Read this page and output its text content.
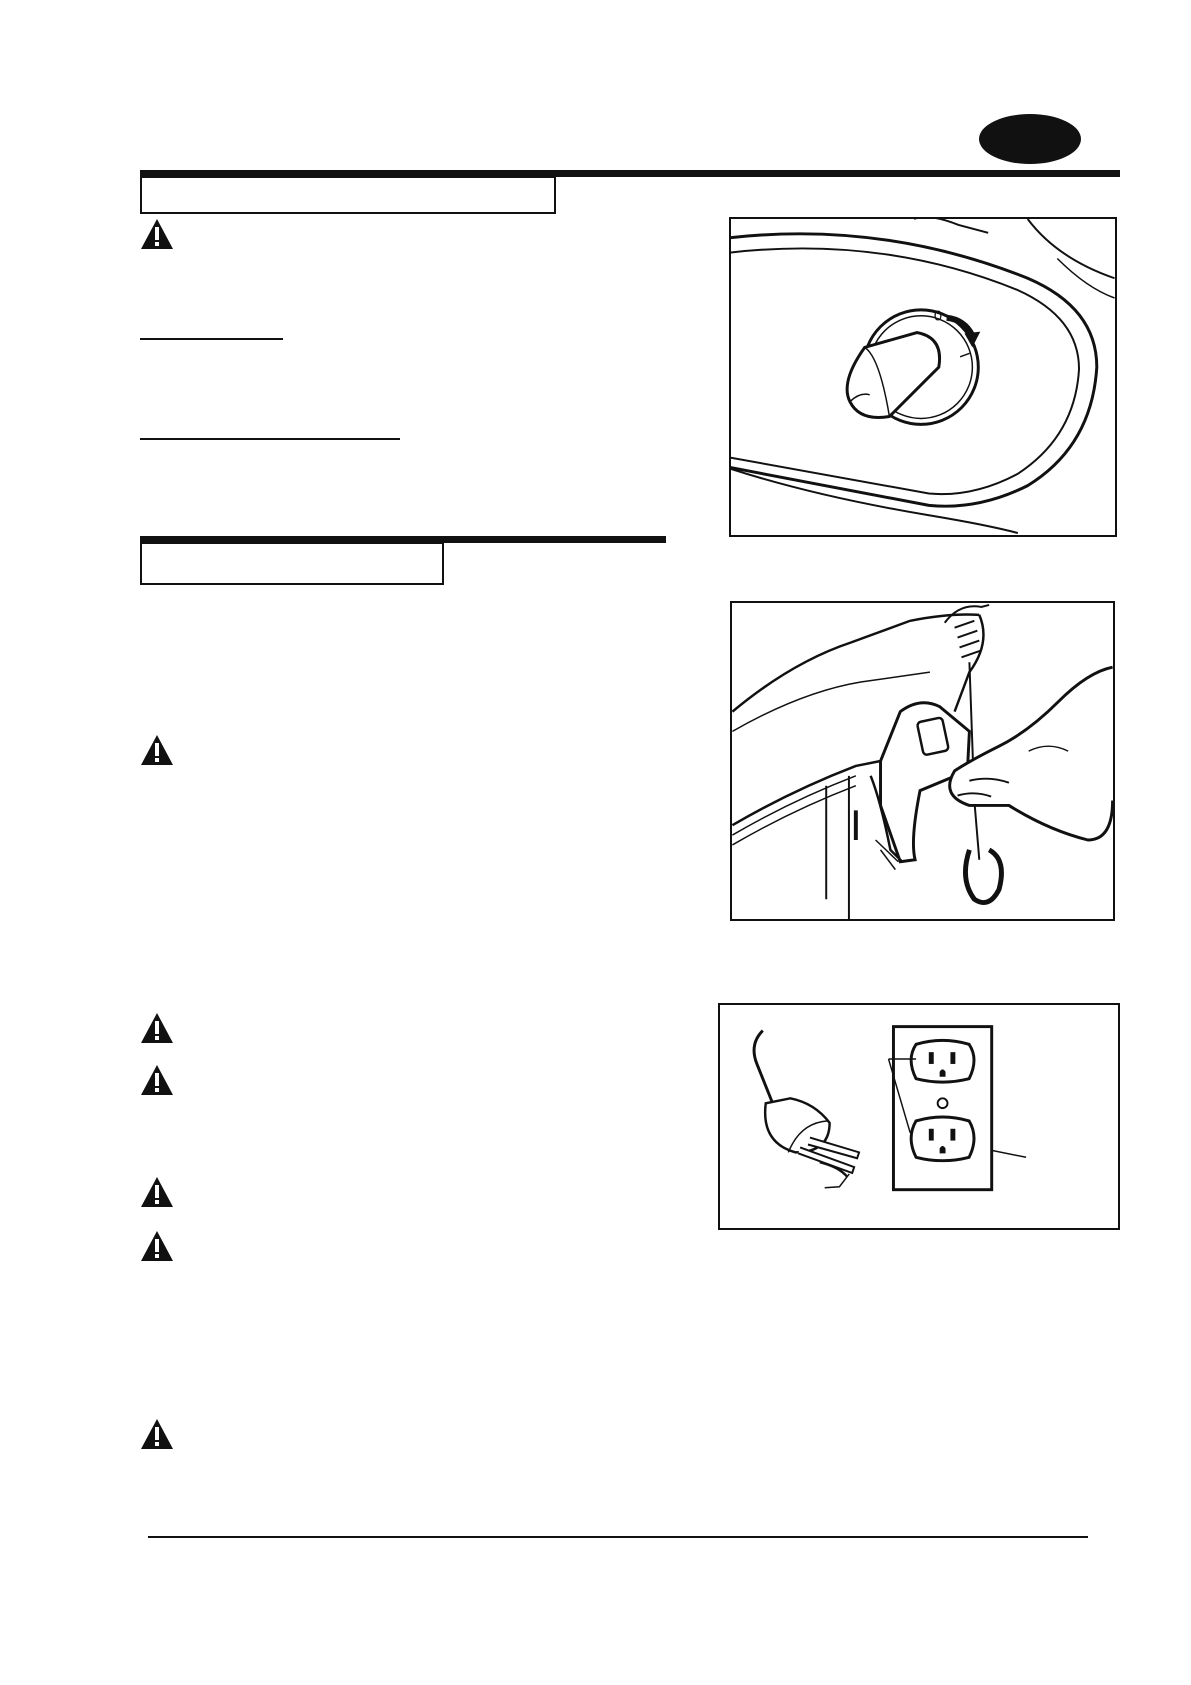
0
I
